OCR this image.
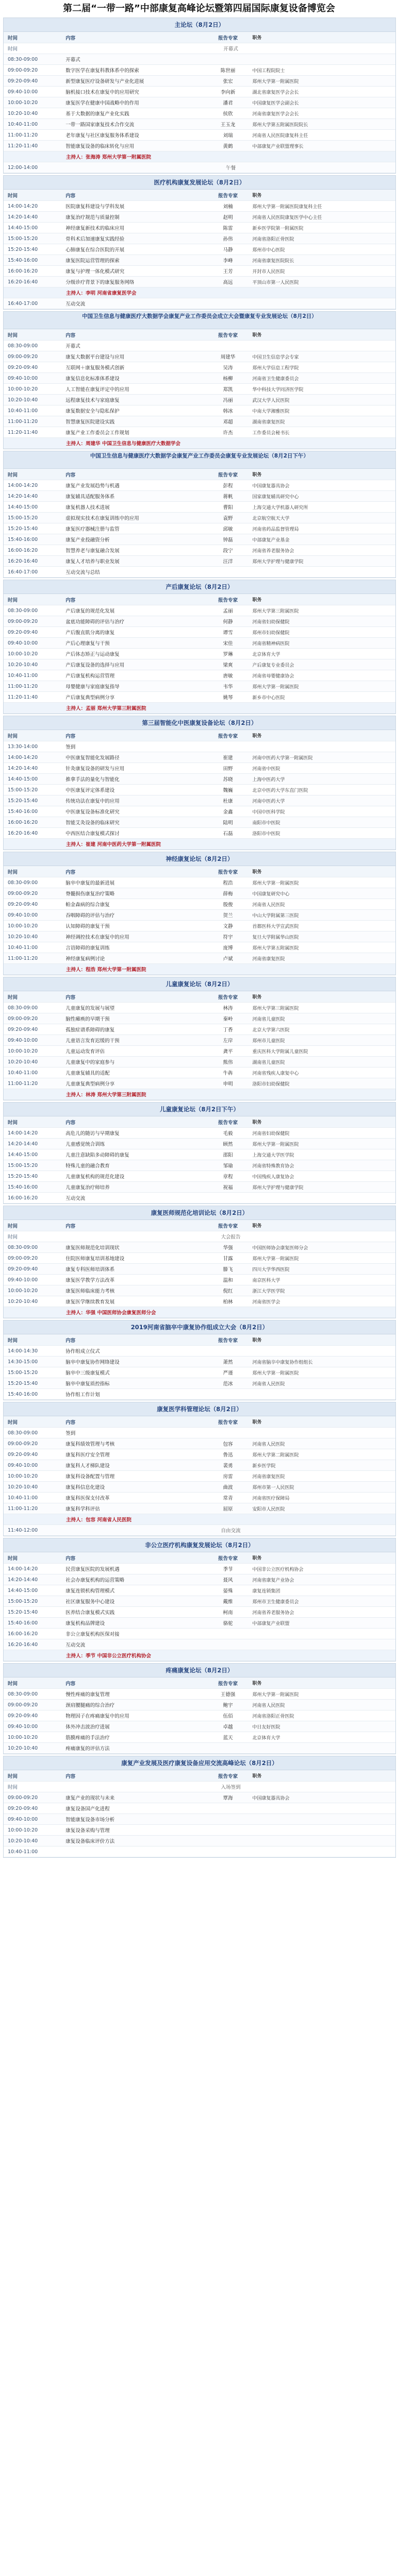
第二届“一带一路”中部康复高峰论坛暨第四届国际康复设备博览会
主论坛（8月2日）
时间	内容	报告专家	职务
时间	开幕式
08:30-09:00	开幕式
09:00-09:20	数字医学在康复科教体系中的探索	陈世丽	中国工程院院士
09:20-09:40	新型康复医疗设备研发与产业化进展	张宏	郑州大学第一附属医院
09:40-10:00	脑机接口技术在康复中的应用研究	李向新	湖北省康复医学会会长
10:00-10:20	康复医学在健康中国战略中的作用	潘君	中国康复医学会副会长
10:20-10:40	基于大数据的康复产业化实践	侯欣	河南省康复医学会会长
10:40-11:00	一带一路国家康复技术合作交流	王玉龙	郑州大学第五附属医院院长
11:00-11:20	老年康复与社区康复服务体系建设	刘瑞	河南省人民医院康复科主任
11:20-11:40	智能康复设备的临床转化与应用	黄鹤	中部康复产业联盟理事长
主持人：张海涛 郑州大学第一附属医院
12:00-14:00	午餐
医疗机构康复发展论坛（8月2日）
时间	内容	报告专家	职务
14:00-14:20	医院康复科建设与学科发展	刘楠	郑州大学第一附属医院康复科主任
14:20-14:40	康复治疗规范与质量控制	赵明	河南省人民医院康复医学中心主任
14:40-15:00	神经康复新技术的临床应用	陈雷	新乡医学院第一附属医院
15:00-15:20	骨科术后加速康复实践经验	孙伟	河南省洛阳正骨医院
15:20-15:40	心肺康复在综合医院的开展	马静	郑州市中心医院
15:40-16:00	康复医院运营管理的探索	李峰	河南省康复医院院长
16:00-16:20	康复与护理一体化模式研究	王芳	开封市人民医院
16:20-16:40	分级诊疗背景下的康复服务网络	高远	平顶山市第一人民医院
主持人：李明 河南省康复医学会
16:40-17:00	互动交流
中国卫生信息与健康医疗大数据学会康复产业工作委员会成立大会暨康复专业发展论坛（8月2日）
时间	内容	报告专家	职务
08:30-09:00	开幕式
09:00-09:20	康复大数据平台建设与应用	周建华	中国卫生信息学会专家
09:20-09:40	互联网＋康复服务模式创新	吴涛	郑州大学信息工程学院
09:40-10:00	康复信息化标准体系建设	杨柳	河南省卫生健康委员会
10:00-10:20	人工智能在康复评定中的应用	郑凯	华中科技大学同济医学院
10:20-10:40	远程康复技术与家庭康复	冯丽	武汉大学人民医院
10:40-11:00	康复数据安全与隐私保护	韩冰	中南大学湘雅医院
11:00-11:20	智慧康复医院建设实践	邓超	湖南省康复医院
11:20-11:40	康复产业工作委员会工作规划	许杰	工作委员会秘书长
主持人：周建华 中国卫生信息与健康医疗大数据学会
中国卫生信息与健康医疗大数据学会康复产业工作委员会康复专业发展论坛（8月2日下午）
时间	内容	报告专家	职务
14:00-14:20	康复产业发展趋势与机遇	彭程	中国康复器具协会
14:20-14:40	康复辅具适配服务体系	蒋帆	国家康复辅具研究中心
14:40-15:00	康复机器人技术进展	曹阳	上海交通大学机器人研究所
15:00-15:20	虚拟现实技术在康复训练中的应用	袁野	北京航空航天大学
15:20-15:40	康复医疗器械注册与监管	邱敏	河南省药品监督管理局
15:40-16:00	康复产业投融资分析	钟磊	中部康复产业基金
16:00-16:20	智慧养老与康复融合发展	段宁	河南省养老服务协会
16:20-16:40	康复人才培养与职业发展	汪洋	郑州大学护理与健康学院
16:40-17:00	互动交流与总结
产后康复论坛（8月2日）
时间	内容	报告专家	职务
08:30-09:00	产后康复的规范化发展	孟丽	郑州大学第三附属医院
09:00-09:20	盆底功能障碍的评估与治疗	何静	河南省妇幼保健院
09:20-09:40	产后腹直肌分离的康复	谭雪	郑州市妇幼保健院
09:40-10:00	产后心理康复与干预	宋佳	河南省精神病医院
10:00-10:20	产后体态矫正与运动康复	罗琳	北京体育大学
10:20-10:40	产后康复设备的选择与应用	梁爽	产后康复专业委员会
10:40-11:00	产后康复机构运营管理	唐敏	河南省母婴健康协会
11:00-11:20	母婴健康与家庭康复指导	韦华	郑州大学第一附属医院
11:20-11:40	产后康复典型病例分享	姚琴	新乡市中心医院
主持人：孟丽 郑州大学第三附属医院
第三届智能化中医康复设备论坛（8月2日）
时间	内容	报告专家	职务
13:30-14:00	签到
14:00-14:20	中医康复智能化发展路径	崔建	河南中医药大学第一附属医院
14:20-14:40	针灸康复设备的研发与应用	田野	河南省中医院
14:40-15:00	推拿手法的量化与智能化	苏晓	上海中医药大学
15:00-15:20	中医康复评定体系建设	魏巍	北京中医药大学东直门医院
15:20-15:40	传统功法在康复中的应用	杜康	河南中医药大学
15:40-16:00	中医康复设备标准化研究	金鑫	中国中医科学院
16:00-16:20	智能艾灸设备的临床研究	陆明	南阳市中医院
16:20-16:40	中西医结合康复模式探讨	石磊	洛阳市中医院
主持人：崔建 河南中医药大学第一附属医院
神经康复论坛（8月2日）
时间	内容	报告专家	职务
08:30-09:00	脑卒中康复的最新进展	程浩	郑州大学第一附属医院
09:00-09:20	脊髓损伤康复治疗策略	薛梅	中国康复研究中心
09:20-09:40	帕金森病的综合康复	殷俊	河南省人民医院
09:40-10:00	吞咽障碍的评估与治疗	贺兰	中山大学附属第三医院
10:00-10:20	认知障碍的康复干预	文静	首都医科大学宣武医院
10:20-10:40	神经调控技术在康复中的应用	符宇	复旦大学附属华山医院
10:40-11:00	言语障碍的康复训练	庞博	郑州大学第五附属医院
11:00-11:20	神经康复病例讨论	卢斌	河南省康复医院
主持人：程浩 郑州大学第一附属医院
儿童康复论坛（8月2日）
时间	内容	报告专家	职务
08:30-09:00	儿童康复的发展与展望	林涛	郑州大学第三附属医院
09:00-09:20	脑性瘫痪的早期干预	秦岭	河南省儿童医院
09:20-09:40	孤独症谱系障碍的康复	丁香	北京大学第六医院
09:40-10:00	儿童语言发育迟缓的干预	左岸	郑州市儿童医院
10:00-10:20	儿童运动发育评估	龚平	重庆医科大学附属儿童医院
10:20-10:40	儿童康复中的家庭参与	熊伟	湖南省儿童医院
10:40-11:00	儿童康复辅具的适配	牛犇	河南省残疾人康复中心
11:00-11:20	儿童康复典型病例分享	申明	洛阳市妇幼保健院
主持人：林涛 郑州大学第三附属医院
儿童康复论坛（8月2日下午）
时间	内容	报告专家	职务
14:00-14:20	高危儿的随访与早期康复	毛毅	河南省妇幼保健院
14:20-14:40	儿童感觉统合训练	顾然	郑州大学第一附属医院
14:40-15:00	儿童注意缺陷多动障碍的康复	邵阳	上海交通大学医学院
15:00-15:20	特殊儿童的融合教育	邹瑜	河南省特殊教育协会
15:20-15:40	儿童康复机构的规范化建设	章程	中国残疾人康复协会
15:40-16:00	儿童康复治疗师培养	祝福	郑州大学护理与健康学院
16:00-16:20	互动交流
康复医师规范化培训论坛（8月2日）
时间	内容	报告专家	职务
时间	大会报告
08:30-09:00	康复医师规范化培训现状	华强	中国医师协会康复医师分会
09:00-09:20	住院医师康复培训基地建设	甘露	郑州大学第一附属医院
09:20-09:40	康复专科医师培训体系	滕飞	四川大学华西医院
09:40-10:00	康复医学教学方法改革	温和	南京医科大学
10:00-10:20	康复医师临床能力考核	倪红	浙江大学医学院
10:20-10:40	康复医学继续教育发展	柏林	河南省医学会
主持人：华强 中国医师协会康复医师分会
2019河南省脑卒中康复协作组成立大会（8月2日）
时间	内容	报告专家	职务
14:00-14:30	协作组成立仪式
14:30-15:00	脑卒中康复协作网络建设	萧然	河南省脑卒中康复协作组组长
15:00-15:20	脑卒中三级康复模式	严谨	郑州大学第一附属医院
15:20-15:40	脑卒中康复质控指标	范冰	河南省人民医院
15:40-16:00	协作组工作计划
康复医学科管理论坛（8月2日）
时间	内容	报告专家	职务
08:30-09:00	签到
09:00-09:20	康复科绩效管理与考核	包容	河南省人民医院
09:20-09:40	康复科医疗安全管理	鲁迅	郑州大学第二附属医院
09:40-10:00	康复科人才梯队建设	裴勇	新乡医学院
10:00-10:20	康复科设备配置与管理	房雷	河南省康复医院
10:20-10:40	康复科信息化建设	曲波	郑州市第一人民医院
10:40-11:00	康复科医保支付改革	常青	河南省医疗保障局
11:00-11:20	康复科学科评估	屈原	安阳市人民医院
主持人：包容 河南省人民医院
11:40-12:00	自由交流
非公立医疗机构康复发展论坛（8月2日）
时间	内容	报告专家	职务
14:00-14:20	民营康复医院的发展机遇	季节	中国非公立医疗机构协会
14:20-14:40	社会办康复机构的运营策略	聂风	河南省康复产业协会
14:40-15:00	康复连锁机构管理模式	晏殊	康复连锁集团
15:00-15:20	社区康复服务中心建设	戴维	郑州市卫生健康委员会
15:20-15:40	医养结合康复模式实践	柯南	河南省养老服务协会
15:40-16:00	康复机构品牌建设	骆驼	中部康复产业联盟
16:00-16:20	非公立康复机构医保对接
16:20-16:40	互动交流
主持人：季节 中国非公立医疗机构协会
疼痛康复论坛（8月2日）
时间	内容	报告专家	职务
08:30-09:00	慢性疼痛的康复管理	王德强	郑州大学第一附属医院
09:00-09:20	颈肩腰腿痛的综合治疗	鲍宇	河南省人民医院
09:20-09:40	物理因子在疼痛康复中的应用	伍佰	河南省洛阳正骨医院
09:40-10:00	体外冲击波治疗进展	卓越	中日友好医院
10:00-10:20	筋膜疼痛的手法治疗	蓝天	北京体育大学
10:20-10:40	疼痛康复的评估方法
康复产业发展及医疗康复设备应用交流高峰论坛（8月2日）
时间	内容	报告专家	职务
时间	入场签到
09:00-09:20	康复产业的现状与未来	覃海	中国康复器具协会
09:20-09:40	康复设备国产化进程
09:40-10:00	智能康复设备市场分析
10:00-10:20	康复设备采购与管理
10:20-10:40	康复设备临床评价方法
10:40-11:00
